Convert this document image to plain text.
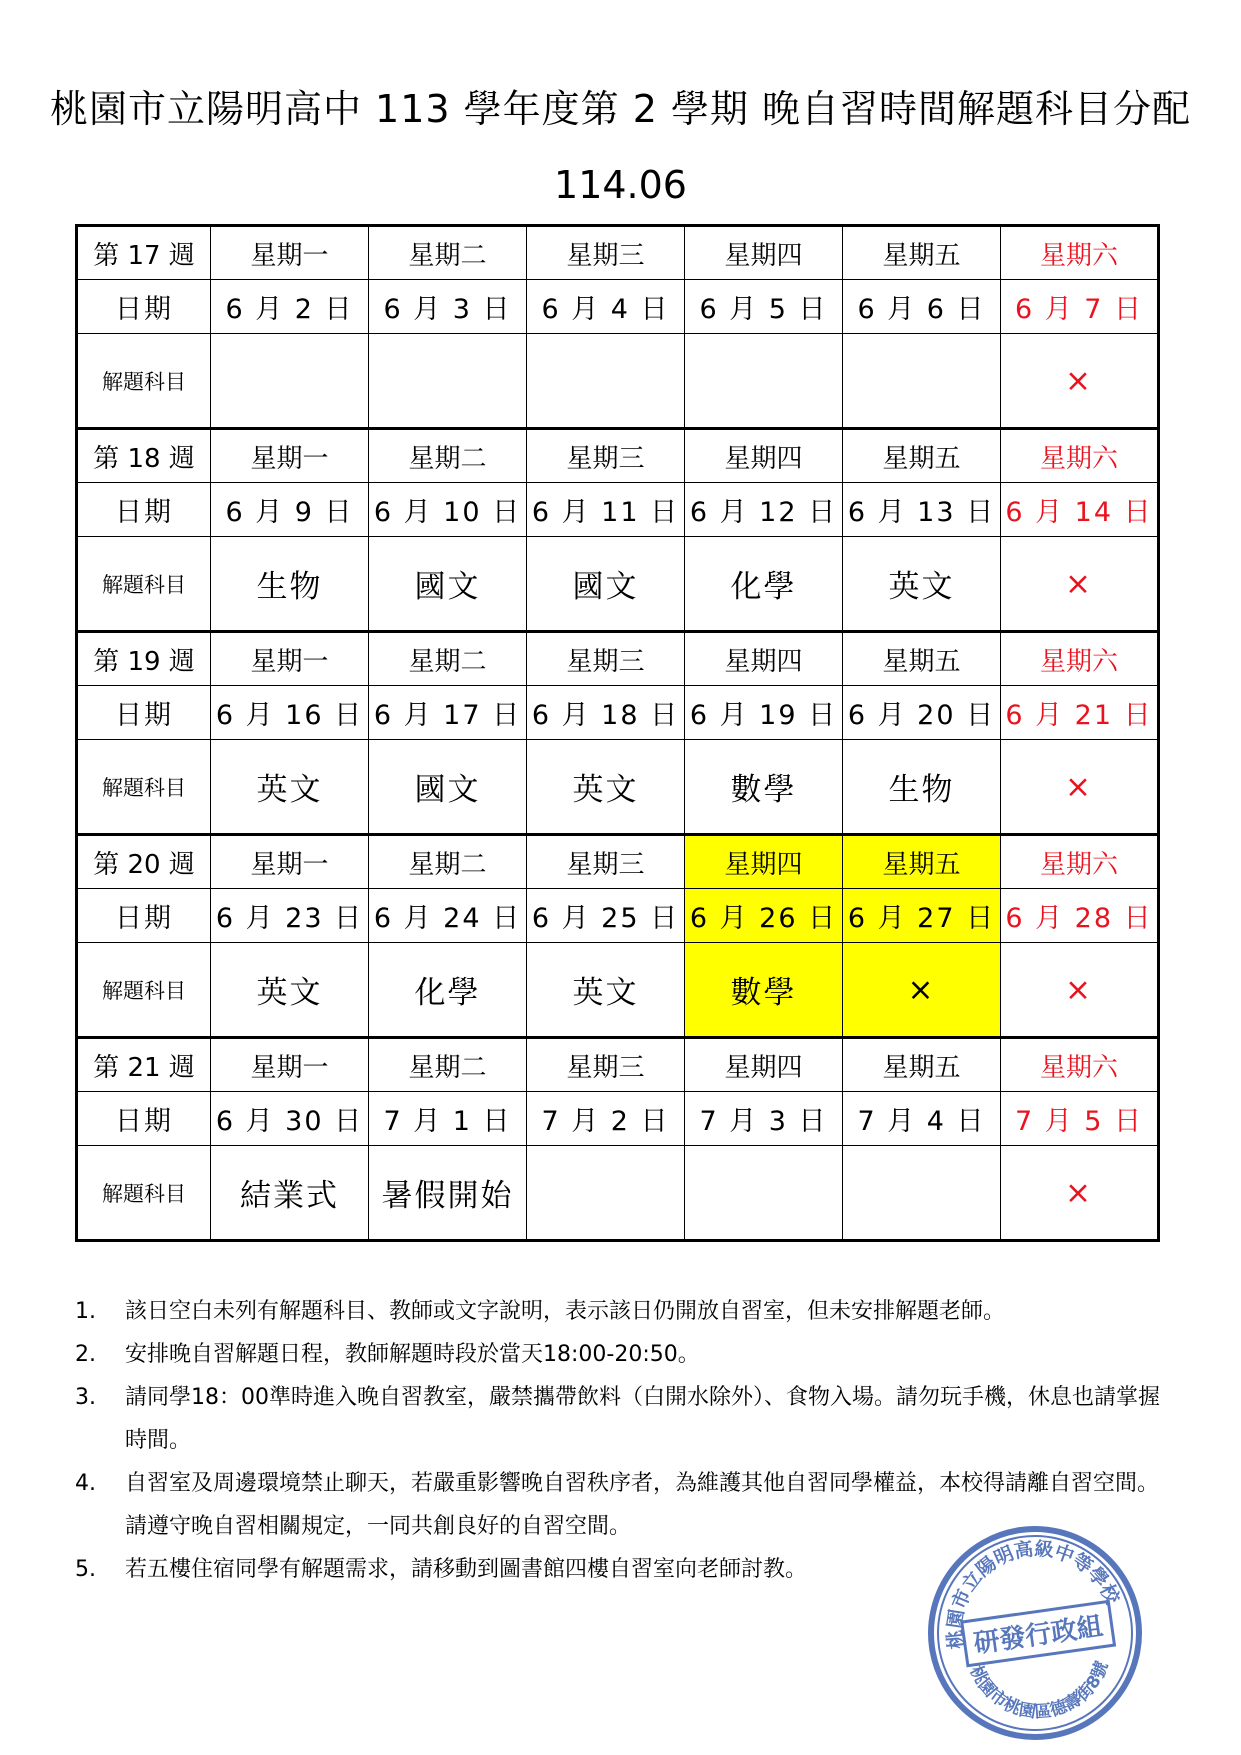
桃園市立陽明高中 113 學年度第 2 學期 晚自習時間解題科目分配
114.06
第 17 週	星期一	星期二	星期三	星期四	星期五	星期六
日期	6 月 2 日	6 月 3 日	6 月 4 日	6 月 5 日	6 月 6 日	6 月 7 日
解題科目						×
第 18 週	星期一	星期二	星期三	星期四	星期五	星期六
日期	6 月 9 日	6 月 10 日	6 月 11 日	6 月 12 日	6 月 13 日	6 月 14 日
解題科目	生物	國文	國文	化學	英文	×
第 19 週	星期一	星期二	星期三	星期四	星期五	星期六
日期	6 月 16 日	6 月 17 日	6 月 18 日	6 月 19 日	6 月 20 日	6 月 21 日
解題科目	英文	國文	英文	數學	生物	×
第 20 週	星期一	星期二	星期三	星期四	星期五	星期六
日期	6 月 23 日	6 月 24 日	6 月 25 日	6 月 26 日	6 月 27 日	6 月 28 日
解題科目	英文	化學	英文	數學	×	×
第 21 週	星期一	星期二	星期三	星期四	星期五	星期六
日期	6 月 30 日	7 月 1 日	7 月 2 日	7 月 3 日	7 月 4 日	7 月 5 日
解題科目	結業式	暑假開始				×
1.	該日空白未列有解題科目、教師或文字說明，表示該日仍開放自習室，但未安排解題老師。
2.	安排晚自習解題日程，教師解題時段於當天18:00-20:50。
3.	請同學18：00準時進入晚自習教室，嚴禁攜帶飲料（白開水除外）、食物入場。請勿玩手機，休息也請掌握時間。
4.	自習室及周邊環境禁止聊天，若嚴重影響晚自習秩序者，為維護其他自習同學權益，本校得請離自習空間。請遵守晚自習相關規定，一同共創良好的自習空間。
5.	若五樓住宿同學有解題需求，請移動到圖書館四樓自習室向老師討教。
桃園市立陽明高級中等學校
研發行政組
桃園市桃園區德壽街8號
